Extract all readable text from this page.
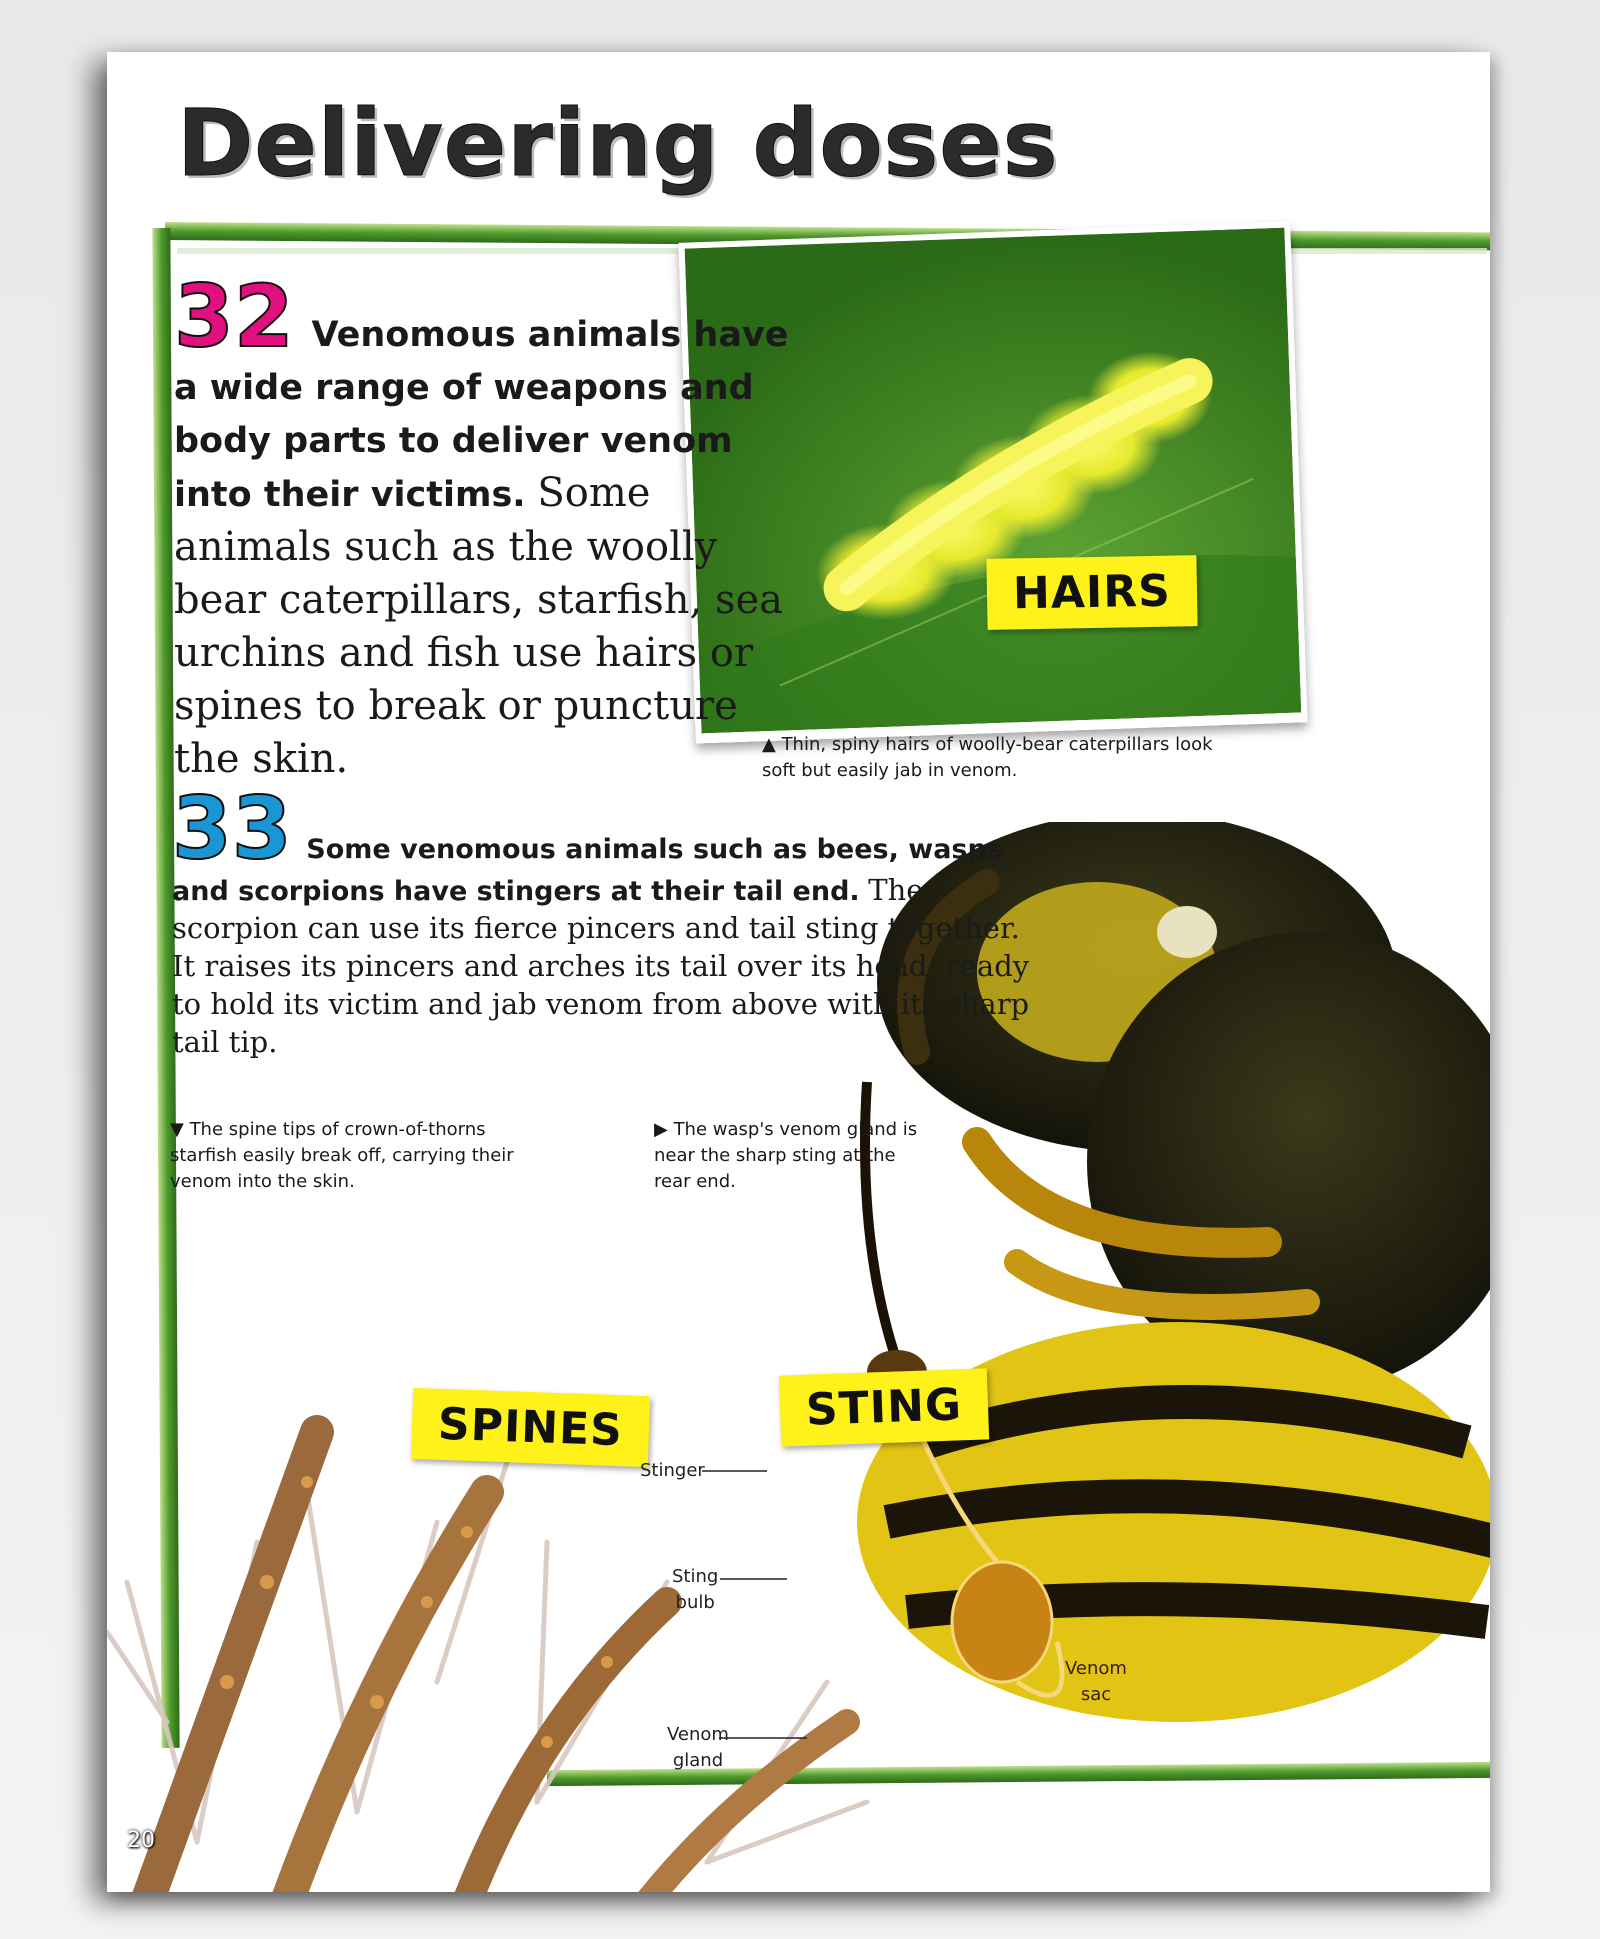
Delivering doses
HAIRS
32 Venomous animals have a wide range of weapons and body parts to deliver venom into their victims. Some animals such as the woolly bear caterpillars, starfish, sea urchins and fish use hairs or spines to break or puncture the skin.	▲ Thin, spiny hairs of woolly-bear caterpillars look soft but easily jab in venom.
STING
33 Some venomous animals such as bees, wasps and scorpions have stingers at their tail end. The scorpion can use its fierce pincers and tail sting together. It raises its pincers and arches its tail over its head, ready to hold its victim and jab venom from above with its sharp tail tip.
▼ The spine tips of crown-of-thorns starfish easily break off, carrying their venom into the skin.
▶ The wasp's venom gland is near the sharp sting at the rear end.
SPINES
Stinger
Sting
bulb
Venom
gland
Venom
sac
20
